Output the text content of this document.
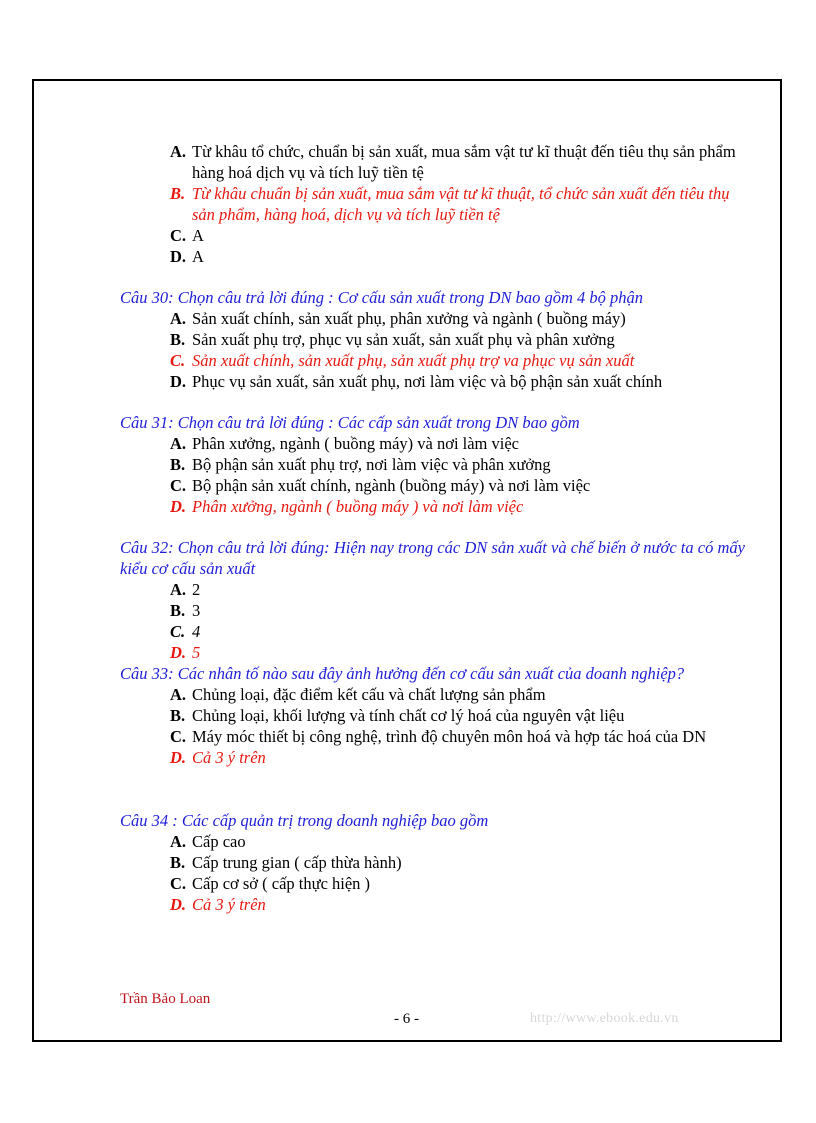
A. Từ khâu tổ chức, chuẩn bị sản xuất, mua sắm vật tư kĩ thuật đến tiêu thụ sản phẩm hàng hoá dịch vụ và tích luỹ tiền tệ
B. Từ khâu chuẩn bị sản xuất, mua sắm vật tư kĩ thuật, tổ chức sản xuất đến tiêu thụ sản phẩm, hàng hoá, dịch vụ và tích luỹ tiền tệ
C. A
D. A
Câu 30: Chọn câu trả lời đúng : Cơ cấu sản xuất trong DN bao gồm 4 bộ phận
A. Sản xuất chính, sản xuất phụ, phân xưởng và ngành ( buồng máy)
B. Sản xuất phụ trợ, phục vụ sản xuất, sản xuất phụ và phân xưởng
C. Sản xuất chính, sản xuất phụ, sản xuất phụ trợ va phục vụ sản xuất
D. Phục vụ sản xuất, sản xuất phụ, nơi làm việc và bộ phận sản xuất chính
Câu 31: Chọn câu trả lời đúng : Các cấp sản xuất trong DN bao gồm
A. Phân xưởng, ngành ( buồng máy) và nơi làm việc
B. Bộ phận sản xuất phụ trợ, nơi làm việc và phân xưởng
C. Bộ phận sản xuất chính, ngành (buồng máy) và nơi làm việc
D. Phân xưởng, ngành ( buồng máy ) và nơi làm việc
Câu 32: Chọn câu trả lời đúng: Hiện nay trong các DN sản xuất và chế biến ở nước ta có mấy kiểu cơ cấu sản xuất
A. 2
B. 3
C. 4
D. 5
Câu 33: Các nhân tố nào sau đây ảnh hưởng đến cơ cấu sản xuất của doanh nghiệp?
A. Chủng loại, đặc điểm kết cấu và chất lượng sản phẩm
B. Chủng loại, khối lượng và tính chất cơ lý hoá của nguyên vật liệu
C. Máy móc thiết bị công nghệ, trình độ chuyên môn hoá và hợp tác hoá của DN
D. Cả 3 ý trên
Câu 34 : Các cấp quản trị trong doanh nghiệp bao gồm
A. Cấp cao
B. Cấp trung gian ( cấp thừa hành)
C. Cấp cơ sở ( cấp thực hiện )
D. Cả 3 ý trên
Trần Bảo Loan
- 6 -	http://www.ebook.edu.vn
